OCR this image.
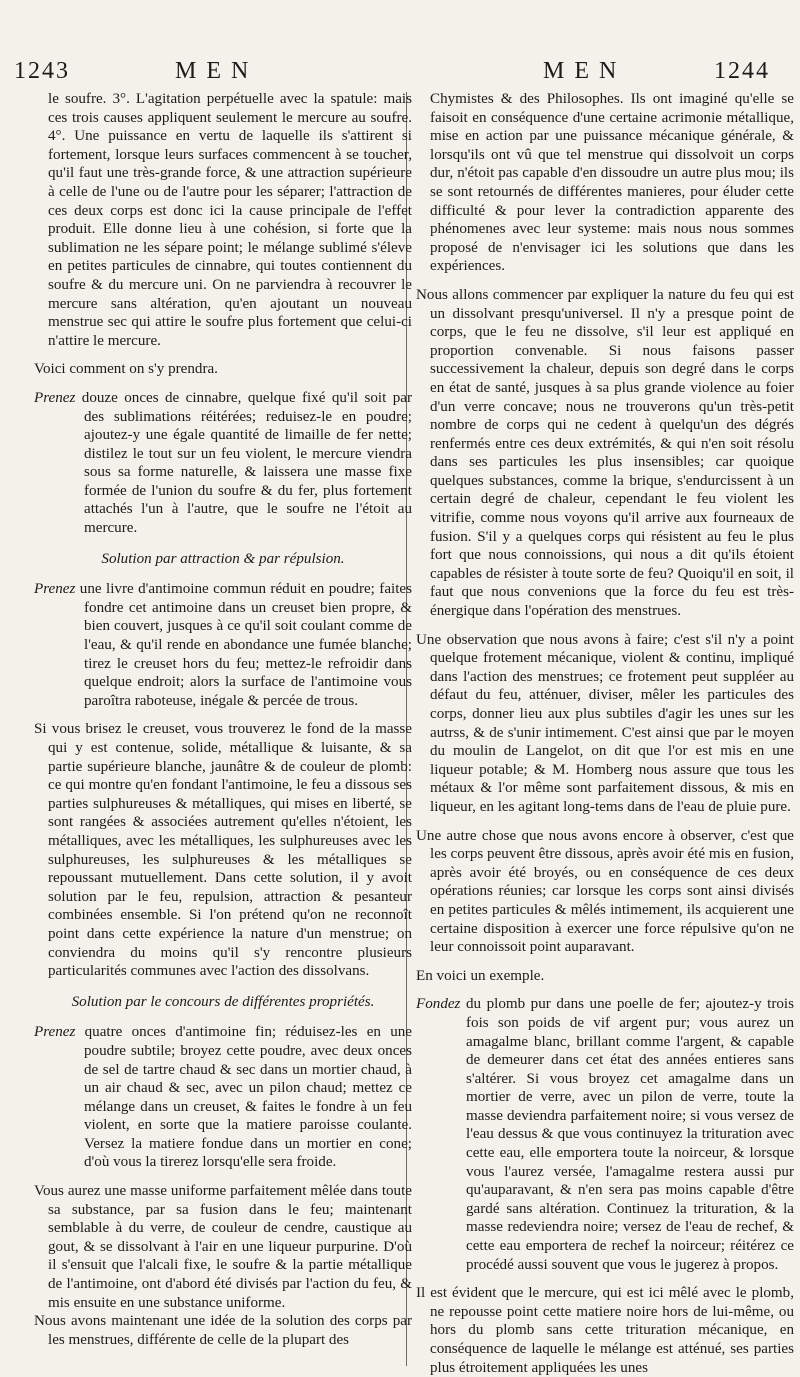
1243	MEN	MEN	1244

le soufre. 3°. L'agitation perpétuelle avec la spatule: mais ces trois causes appliquent seulement le mercure au soufre. 4°. Une puissance en vertu de laquelle ils s'attirent si fortement, lorsque leurs surfaces commencent à se toucher, qu'il faut une très-grande force, & une attraction supérieure à celle de l'une ou de l'autre pour les séparer; l'attraction de ces deux corps est donc ici la cause principale de l'effet produit. Elle donne lieu à une cohésion, si forte que la sublimation ne les sépare point; le mélange sublimé s'éleve en petites particules de cinnabre, qui toutes contiennent du soufre & du mercure uni. On ne parviendra à recouvrer le mercure sans altération, qu'en ajoutant un nouveau menstrue sec qui attire le soufre plus fortement que celui-ci n'attire le mercure.

Voici comment on s'y prendra.

Prenez douze onces de cinnabre, quelque fixé qu'il soit par des sublimations réitérées; reduisez-le en poudre; ajoutez-y une égale quantité de limaille de fer nette; distilez le tout sur un feu violent, le mercure viendra sous sa forme naturelle, & laissera une masse fixe formée de l'union du soufre & du fer, plus fortement attachés l'un à l'autre, que le soufre ne l'étoit au mercure.

Solution par attraction & par répulsion.

Prenez une livre d'antimoine commun réduit en poudre; faites fondre cet antimoine dans un creuset bien propre, & bien couvert, jusques à ce qu'il soit coulant comme de l'eau, & qu'il rende en abondance une fumée blanche; tirez le creuset hors du feu; mettez-le refroidir dans quelque endroit; alors la surface de l'antimoine vous paroîtra raboteuse, inégale & percée de trous.

Si vous brisez le creuset, vous trouverez le fond de la masse qui y est contenue, solide, métallique & luisante, & sa partie supérieure blanche, jaunâtre & de couleur de plomb: ce qui montre qu'en fondant l'antimoine, le feu a dissous ses parties sulphureuses & métalliques, qui mises en liberté, se sont rangées & associées autrement qu'elles n'étoient, les métalliques, avec les métalliques, les sulphureuses avec les sulphureuses, les sulphureuses & les métalliques se repoussant mutuellement. Dans cette solution, il y avoit solution par le feu, repulsion, attraction & pesanteur combinées ensemble. Si l'on prétend qu'on ne reconnoît point dans cette expérience la nature d'un menstrue; on conviendra du moins qu'il s'y rencontre plusieurs particularités communes avec l'action des dissolvans.

Solution par le concours de différentes propriétés.

Prenez quatre onces d'antimoine fin; réduisez-les en une poudre subtile; broyez cette poudre, avec deux onces de sel de tartre chaud & sec dans un mortier chaud, à un air chaud & sec, avec un pilon chaud; mettez ce mélange dans un creuset, & faites le fondre à un feu violent, en sorte que la matiere paroisse coulante. Versez la matiere fondue dans un mortier en cone; d'où vous la tirerez lorsqu'elle sera froide.

Vous aurez une masse uniforme parfaitement mêlée dans toute sa substance, par sa fusion dans le feu; maintenant semblable à du verre, de couleur de cendre, caustique au gout, & se dissolvant à l'air en une liqueur purpurine. D'où il s'ensuit que l'alcali fixe, le soufre & la partie métallique de l'antimoine, ont d'abord été divisés par l'action du feu, & mis ensuite en une substance uniforme.

Nous avons maintenant une idée de la solution des corps par les menstrues, différente de celle de la plupart des

Chymistes & des Philosophes. Ils ont imaginé qu'elle se faisoit en conséquence d'une certaine acrimonie métallique, mise en action par une puissance mécanique générale, & lorsqu'ils ont vû que tel menstrue qui dissolvoit un corps dur, n'étoit pas capable d'en dissoudre un autre plus mou; ils se sont retournés de différentes manieres, pour éluder cette difficulté & pour lever la contradiction apparente des phénomenes avec leur systeme: mais nous nous sommes proposé de n'envisager ici les solutions que dans les expériences.

Nous allons commencer par expliquer la nature du feu qui est un dissolvant presqu'universel. Il n'y a presque point de corps, que le feu ne dissolve, s'il leur est appliqué en proportion convenable. Si nous faisons passer successivement la chaleur, depuis son degré dans le corps en état de santé, jusques à sa plus grande violence au foier d'un verre concave; nous ne trouverons qu'un très-petit nombre de corps qui ne cedent à quelqu'un des dégrés renfermés entre ces deux extrémités, & qui n'en soit résolu dans ses particules les plus insensibles; car quoique quelques substances, comme la brique, s'endurcissent à un certain degré de chaleur, cependant le feu violent les vitrifie, comme nous voyons qu'il arrive aux fourneaux de fusion. S'il y a quelques corps qui résistent au feu le plus fort que nous connoissions, qui nous a dit qu'ils étoient capables de résister à toute sorte de feu? Quoiqu'il en soit, il faut que nous convenions que la force du feu est très-énergique dans l'opération des menstrues.

Une observation que nous avons à faire; c'est s'il n'y a point quelque frotement mécanique, violent & continu, impliqué dans l'action des menstrues; ce frotement peut suppléer au défaut du feu, atténuer, diviser, mêler les particules des corps, donner lieu aux plus subtiles d'agir les unes sur les autrss, & de s'unir intimement. C'est ainsi que par le moyen du moulin de Langelot, on dit que l'or est mis en une liqueur potable; & M. Homberg nous assure que tous les métaux & l'or même sont parfaitement dissous, & mis en liqueur, en les agitant long-tems dans de l'eau de pluie pure.

Une autre chose que nous avons encore à observer, c'est que les corps peuvent être dissous, après avoir été mis en fusion, après avoir été broyés, ou en conséquence de ces deux opérations réunies; car lorsque les corps sont ainsi divisés en petites particules & mêlés intimement, ils acquierent une certaine disposition à exercer une force répulsive qu'on ne leur connoissoit point auparavant.

En voici un exemple.

Fondez du plomb pur dans une poelle de fer; ajoutez-y trois fois son poids de vif argent pur; vous aurez un amagalme blanc, brillant comme l'argent, & capable de demeurer dans cet état des années entieres sans s'altérer. Si vous broyez cet amagalme dans un mortier de verre, avec un pilon de verre, toute la masse deviendra parfaitement noire; si vous versez de l'eau dessus & que vous continuyez la trituration avec cette eau, elle emportera toute la noirceur, & lorsque vous l'aurez versée, l'amagalme restera aussi pur qu'auparavant, & n'en sera pas moins capable d'être gardé sans altération. Continuez la trituration, & la masse redeviendra noire; versez de l'eau de rechef, & cette eau emportera de rechef la noirceur; réitérez ce procédé aussi souvent que vous le jugerez à propos.

Il est évident que le mercure, qui est ici mêlé avec le plomb, ne repousse point cette matiere noire hors de lui-même, ou hors du plomb sans cette trituration mécanique, en conséquence de laquelle le mélange est atténué, ses parties plus étroitement appliquées les unes
